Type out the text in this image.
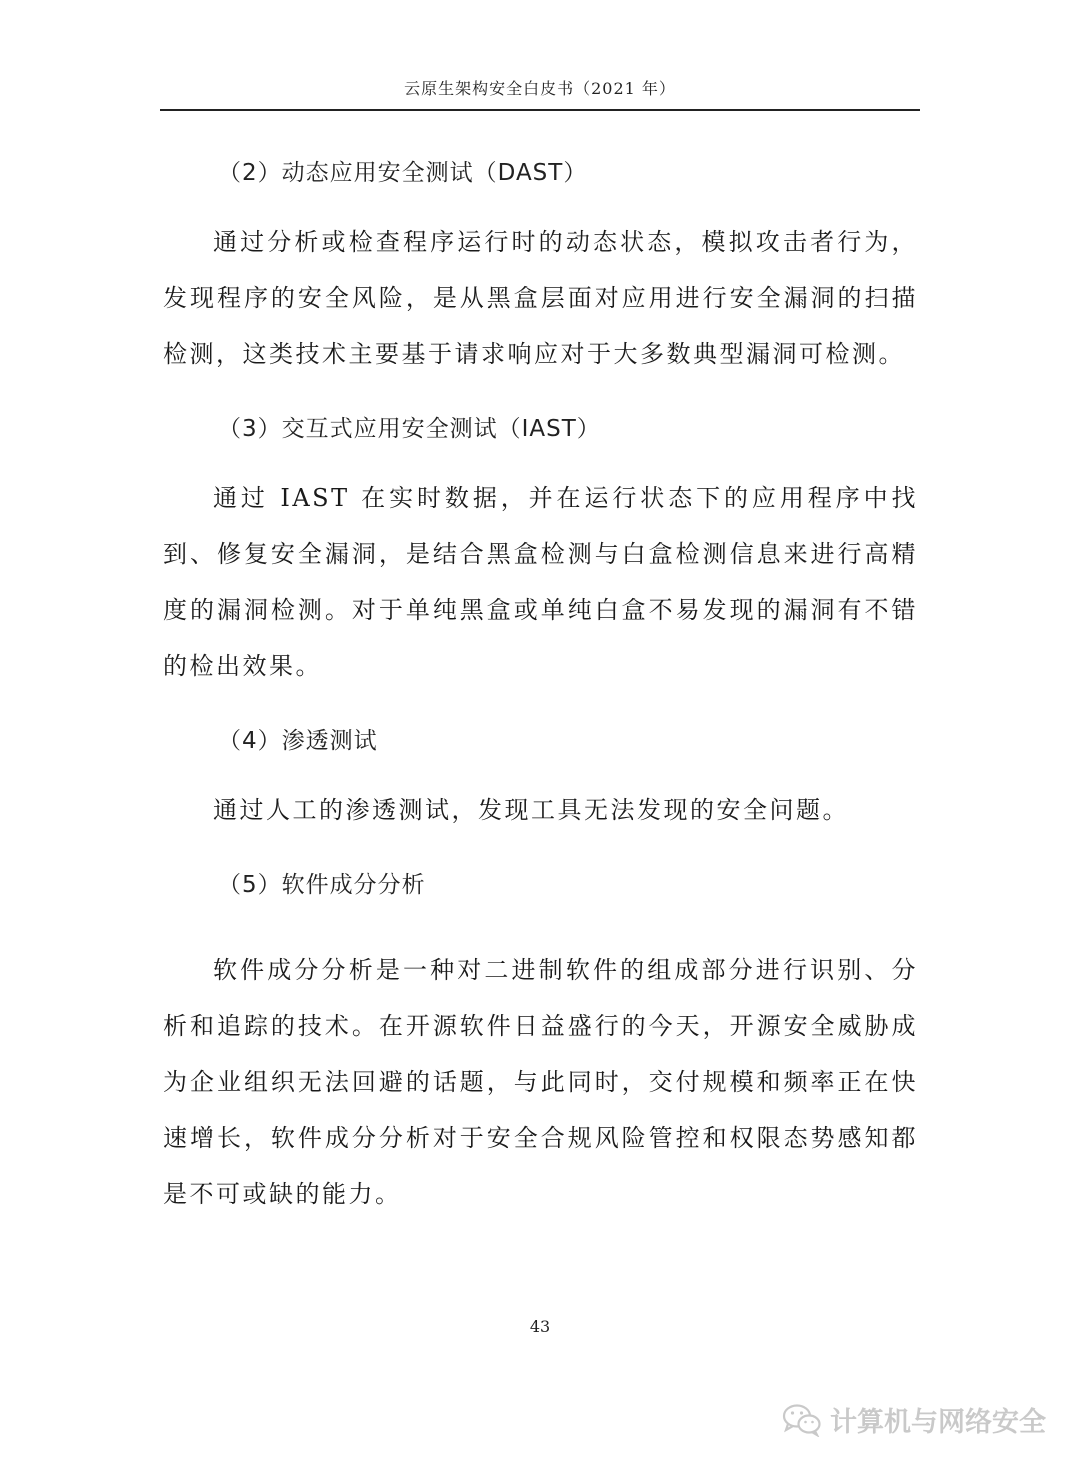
云原生架构安全白皮书（2021 年）

（2）动态应用安全测试（DAST）

通过分析或检查程序运行时的动态状态，模拟攻击者行为，发现程序的安全风险，是从黑盒层面对应用进行安全漏洞的扫描检测，这类技术主要基于请求响应对于大多数典型漏洞可检测。

（3）交互式应用安全测试（IAST）

通过 IAST 在实时数据，并在运行状态下的应用程序中找到、修复安全漏洞，是结合黑盒检测与白盒检测信息来进行高精度的漏洞检测。对于单纯黑盒或单纯白盒不易发现的漏洞有不错的检出效果。

（4）渗透测试

通过人工的渗透测试，发现工具无法发现的安全问题。

（5）软件成分分析

软件成分分析是一种对二进制软件的组成部分进行识别、分析和追踪的技术。在开源软件日益盛行的今天，开源安全威胁成为企业组织无法回避的话题，与此同时，交付规模和频率正在快速增长，软件成分分析对于安全合规风险管控和权限态势感知都是不可或缺的能力。

43
计算机与网络安全
